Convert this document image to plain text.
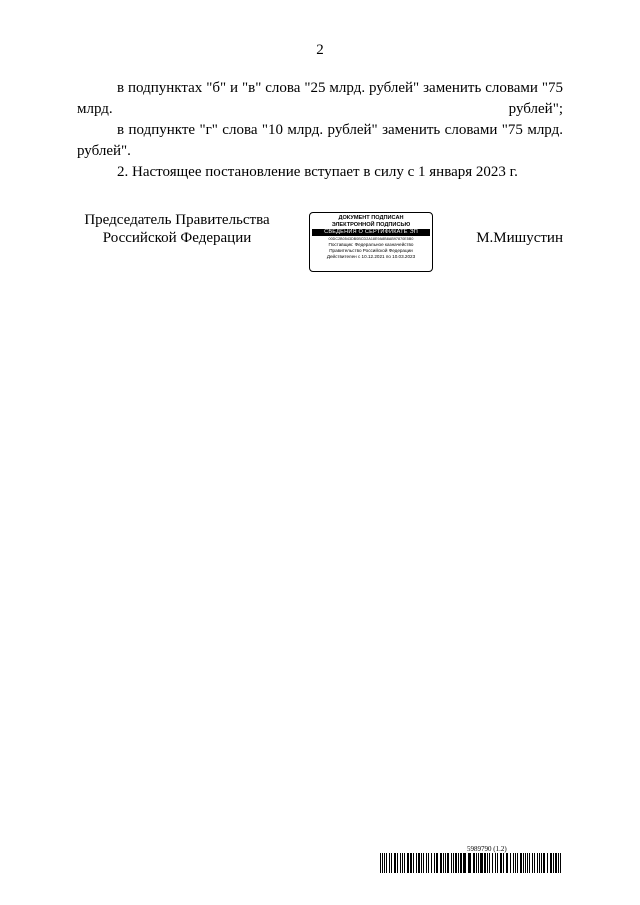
2

в подпунктах "б" и "в" слова "25 млрд. рублей" заменить словами "75 млрд. рублей";

в подпункте "г" слова "10 млрд. рублей" заменить словами "75 млрд. рублей".

2. Настоящее постановление вступает в силу с 1 января 2023 г.

Председатель Правительства
Российской Федерации
ДОКУМЕНТ ПОДПИСАН
ЭЛЕКТРОННОЙ ПОДПИСЬЮ
СВЕДЕНИЯ О СЕРТИФИКАТЕ ЭП
00DC2B0543DB0BCD2A18E9A8B8AB97870E5B0
Поставщик: Федеральное казначейство
Правительство Российской Федерации
Действителен с 10.12.2021 по 10.03.2023
М.Мишустин
5989790 (1.2)
